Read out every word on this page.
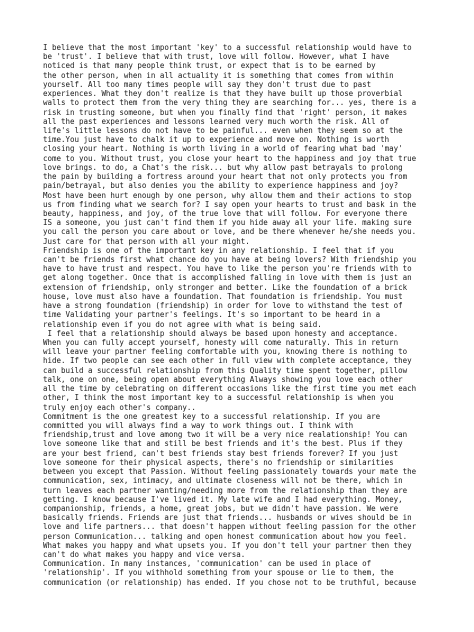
I believe that the most important 'key' to a successful relationship would have to
be 'trust'. I believe that with trust, love will follow. However, what I have
noticed is that many people think trust, or expect that is to be earned by
the other person, when in all actuality it is something that comes from within
yourself. All too many times people will say they don't trust due to past
experiences. What they don't realize is that they have built up those proverbial
walls to protect them from the very thing they are searching for... yes, there is a
risk in trusting someone, but when you finally find that 'right' person, it makes
all the past experiences and lessons learned very much worth the risk. All of
life's little lessons do not have to be painful... even when they seem so at the
time.You just have to chalk it up to experience and move on. Nothing is worth
closing your heart. Nothing is worth living in a world of fearing what bad 'may'
come to you. Without trust, you close your heart to the happiness and joy that true
love brings. to do, a Chat's the risk... but why allow past betrayals to prolong
the pain by building a fortress around your heart that not only protects you from
pain/betrayal, but also denies you the ability to experience happiness and joy?
Most have been hurt enough by one person, why allow them and their actions to stop
us from finding what we search for? I say open your hearts to trust and bask in the
beauty, happiness, and joy, of the true love that will follow. For everyone there
IS a someone, you just can't find them if you hide away all your life. making sure
you call the person you care about or love, and be there whenever he/she needs you.
Just care for that person with all your might.
Friendship is one of the important key in any relationship. I feel that if you
can't be friends first what chance do you have at being lovers? With friendship you
have to have trust and respect. You have to like the person you're friends with to
get along together. Once that is accomplished falling in love with them is just an
extension of friendship, only stronger and better. Like the foundation of a brick
house, love must also have a foundation. That foundation is friendship. You must
have a strong foundation (friendship) in order for love to withstand the test of
time Validating your partner's feelings. It's so important to be heard in a
relationship even if you do not agree with what is being said.
I feel that a relationship should always be based upon honesty and acceptance.
When you can fully accept yourself, honesty will come naturally. This in return
will leave your partner feeling comfortable with you, knowing there is nothing to
hide. If two people can see each other in full view with complete acceptance, they
can build a successful relationship from this Quality time spent together, pillow
talk, one on one, being open about everything Always showing you love each other
all the time by celebrating on different occasions like the first time you met each
other, I think the most important key to a successful relationship is when you
truly enjoy each other's company..
Commitment is the one greatest key to a successful relationship. If you are
committed you will always find a way to work things out. I think with
friendship,trust and love among two it will be a very nice realationship! You can
love someone like that and still be best friends and it's the best. Plus if they
are your best friend, can't best friends stay best friends forever? If you just
love someone for their physical aspects, there's no friendship or similarities
between you except that Passion. Without feeling passionately towards your mate the
communication, sex, intimacy, and ultimate closeness will not be there, which in
turn leaves each partner wanting/needing more from the relationship than they are
getting. I know because I've lived it. My late wife and I had everything. Money,
companionship, friends, a home, great jobs, but we didn't have passion. We were
basically friends. Friends are just that friends... husbands or wives should be in
love and life partners... that doesn't happen without feeling passion for the other
person Communication... talking and open honest communication about how you feel.
What makes you happy and what upsets you. If you don't tell your partner then they
can't do what makes you happy and vice versa.
Communication. In many instances, 'communication' can be used in place of
'relationship'. If you withhold something from your spouse or lie to them, the
communication (or relationship) has ended. If you chose not to be truthful, because
